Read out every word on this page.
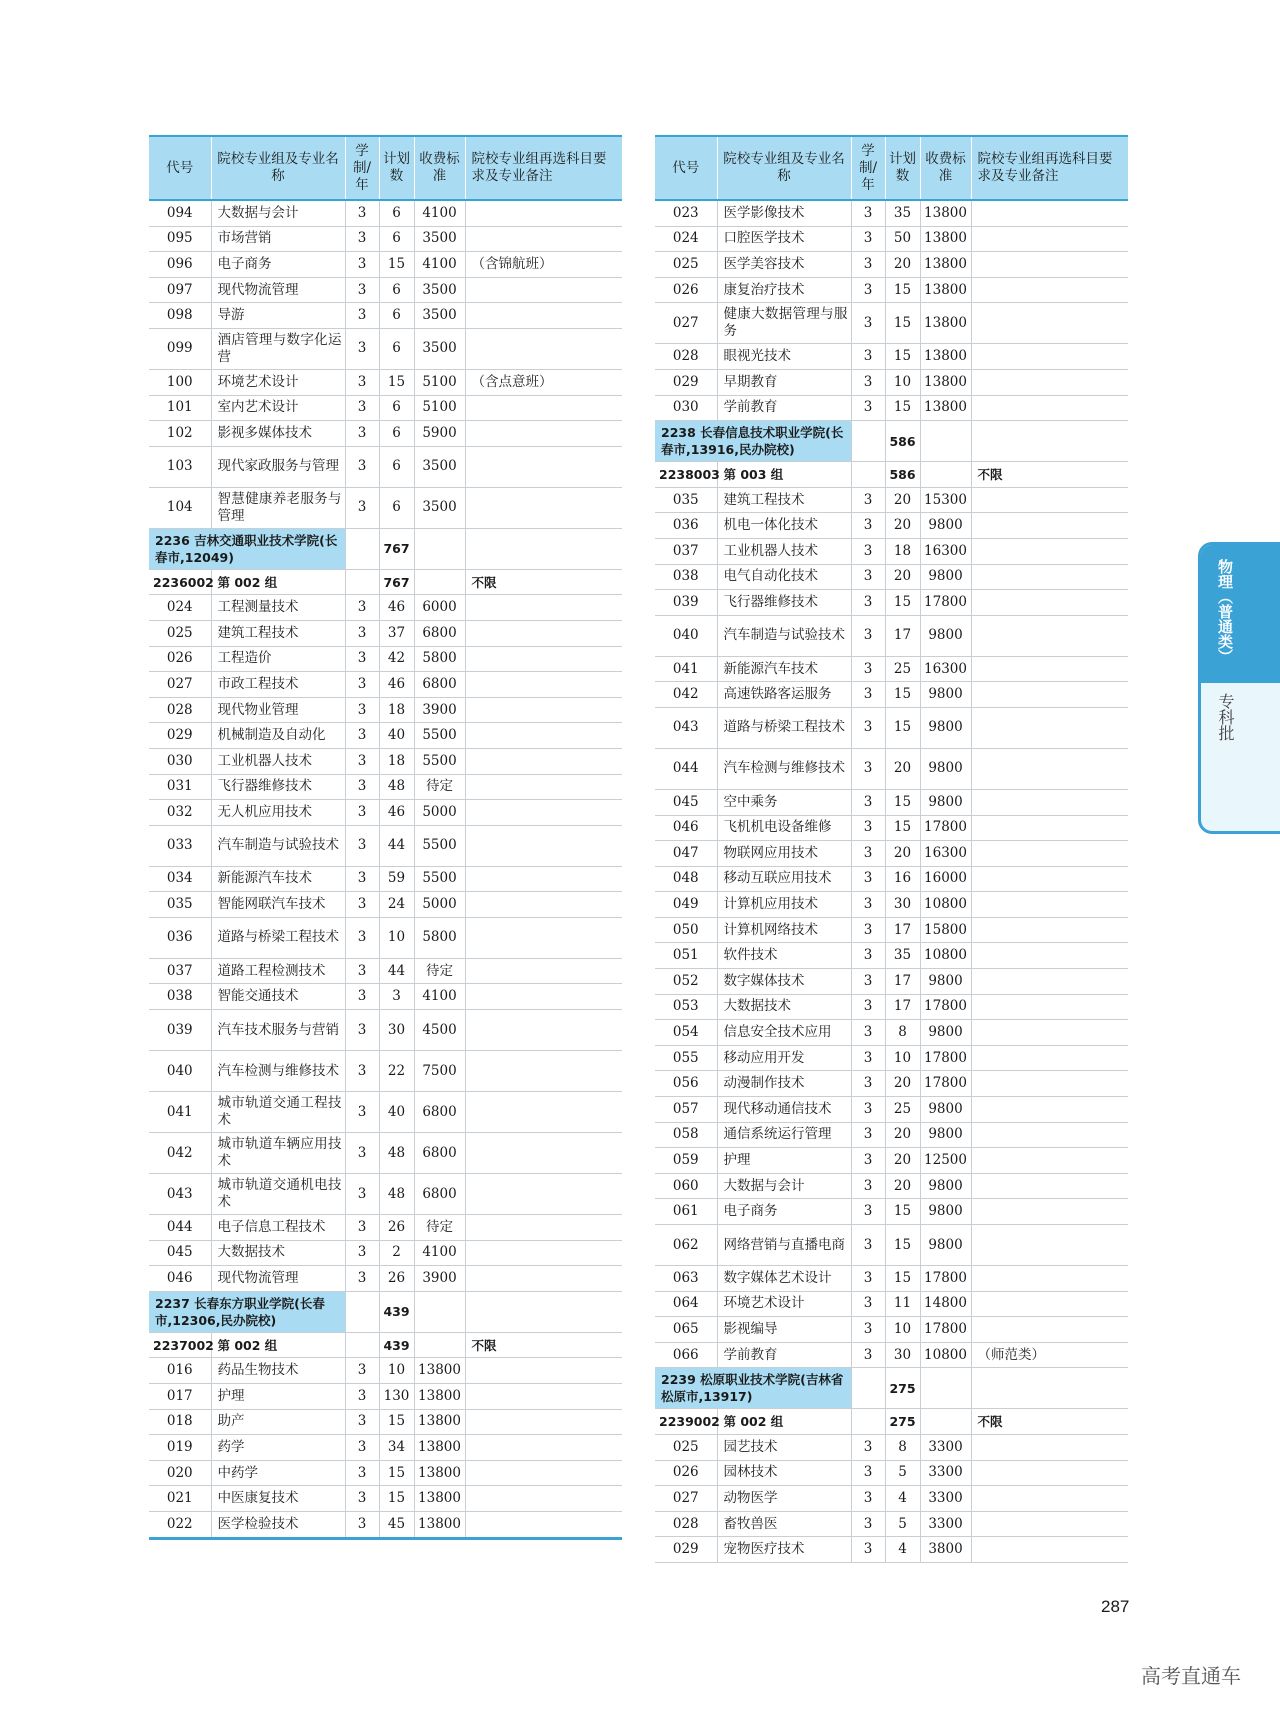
代号	院校专业组及专业名称	学制/年	计划数	收费标准	院校专业组再选科目要求及专业备注
094	大数据与会计	3	6	4100	
095	市场营销	3	6	3500	
096	电子商务	3	15	4100	（含锦航班）
097	现代物流管理	3	6	3500	
098	导游	3	6	3500	
099	酒店管理与数字化运营	3	6	3500	
100	环境艺术设计	3	15	5100	（含点意班）
101	室内艺术设计	3	6	5100	
102	影视多媒体技术	3	6	5900	
103	现代家政服务与管理	3	6	3500	
104	智慧健康养老服务与管理	3	6	3500	
2236 吉林交通职业技术学院(长春市,12049)			767		
2236002	第 002 组		767		不限
024	工程测量技术	3	46	6000	
025	建筑工程技术	3	37	6800	
026	工程造价	3	42	5800	
027	市政工程技术	3	46	6800	
028	现代物业管理	3	18	3900	
029	机械制造及自动化	3	40	5500	
030	工业机器人技术	3	18	5500	
031	飞行器维修技术	3	48	待定	
032	无人机应用技术	3	46	5000	
033	汽车制造与试验技术	3	44	5500	
034	新能源汽车技术	3	59	5500	
035	智能网联汽车技术	3	24	5000	
036	道路与桥梁工程技术	3	10	5800	
037	道路工程检测技术	3	44	待定	
038	智能交通技术	3	3	4100	
039	汽车技术服务与营销	3	30	4500	
040	汽车检测与维修技术	3	22	7500	
041	城市轨道交通工程技术	3	40	6800	
042	城市轨道车辆应用技术	3	48	6800	
043	城市轨道交通机电技术	3	48	6800	
044	电子信息工程技术	3	26	待定	
045	大数据技术	3	2	4100	
046	现代物流管理	3	26	3900	
2237 长春东方职业学院(长春市,12306,民办院校)			439		
2237002	第 002 组		439		不限
016	药品生物技术	3	10	13800	
017	护理	3	130	13800	
018	助产	3	15	13800	
019	药学	3	34	13800	
020	中药学	3	15	13800	
021	中医康复技术	3	15	13800	
022	医学检验技术	3	45	13800	
代号	院校专业组及专业名称	学制/年	计划数	收费标准	院校专业组再选科目要求及专业备注
023	医学影像技术	3	35	13800	
024	口腔医学技术	3	50	13800	
025	医学美容技术	3	20	13800	
026	康复治疗技术	3	15	13800	
027	健康大数据管理与服务	3	15	13800	
028	眼视光技术	3	15	13800	
029	早期教育	3	10	13800	
030	学前教育	3	15	13800	
2238 长春信息技术职业学院(长春市,13916,民办院校)			586		
2238003	第 003 组		586		不限
035	建筑工程技术	3	20	15300	
036	机电一体化技术	3	20	9800	
037	工业机器人技术	3	18	16300	
038	电气自动化技术	3	20	9800	
039	飞行器维修技术	3	15	17800	
040	汽车制造与试验技术	3	17	9800	
041	新能源汽车技术	3	25	16300	
042	高速铁路客运服务	3	15	9800	
043	道路与桥梁工程技术	3	15	9800	
044	汽车检测与维修技术	3	20	9800	
045	空中乘务	3	15	9800	
046	飞机机电设备维修	3	15	17800	
047	物联网应用技术	3	20	16300	
048	移动互联应用技术	3	16	16000	
049	计算机应用技术	3	30	10800	
050	计算机网络技术	3	17	15800	
051	软件技术	3	35	10800	
052	数字媒体技术	3	17	9800	
053	大数据技术	3	17	17800	
054	信息安全技术应用	3	8	9800	
055	移动应用开发	3	10	17800	
056	动漫制作技术	3	20	17800	
057	现代移动通信技术	3	25	9800	
058	通信系统运行管理	3	20	9800	
059	护理	3	20	12500	
060	大数据与会计	3	20	9800	
061	电子商务	3	15	9800	
062	网络营销与直播电商	3	15	9800	
063	数字媒体艺术设计	3	15	17800	
064	环境艺术设计	3	11	14800	
065	影视编导	3	10	17800	
066	学前教育	3	30	10800	（师范类）
2239 松原职业技术学院(吉林省松原市,13917)			275		
2239002	第 002 组		275		不限
025	园艺技术	3	8	3300	
026	园林技术	3	5	3300	
027	动物医学	3	4	3300	
028	畜牧兽医	3	5	3300	
029	宠物医疗技术	3	4	3800	
物理（普通类）
专科批
287
高考直通车
